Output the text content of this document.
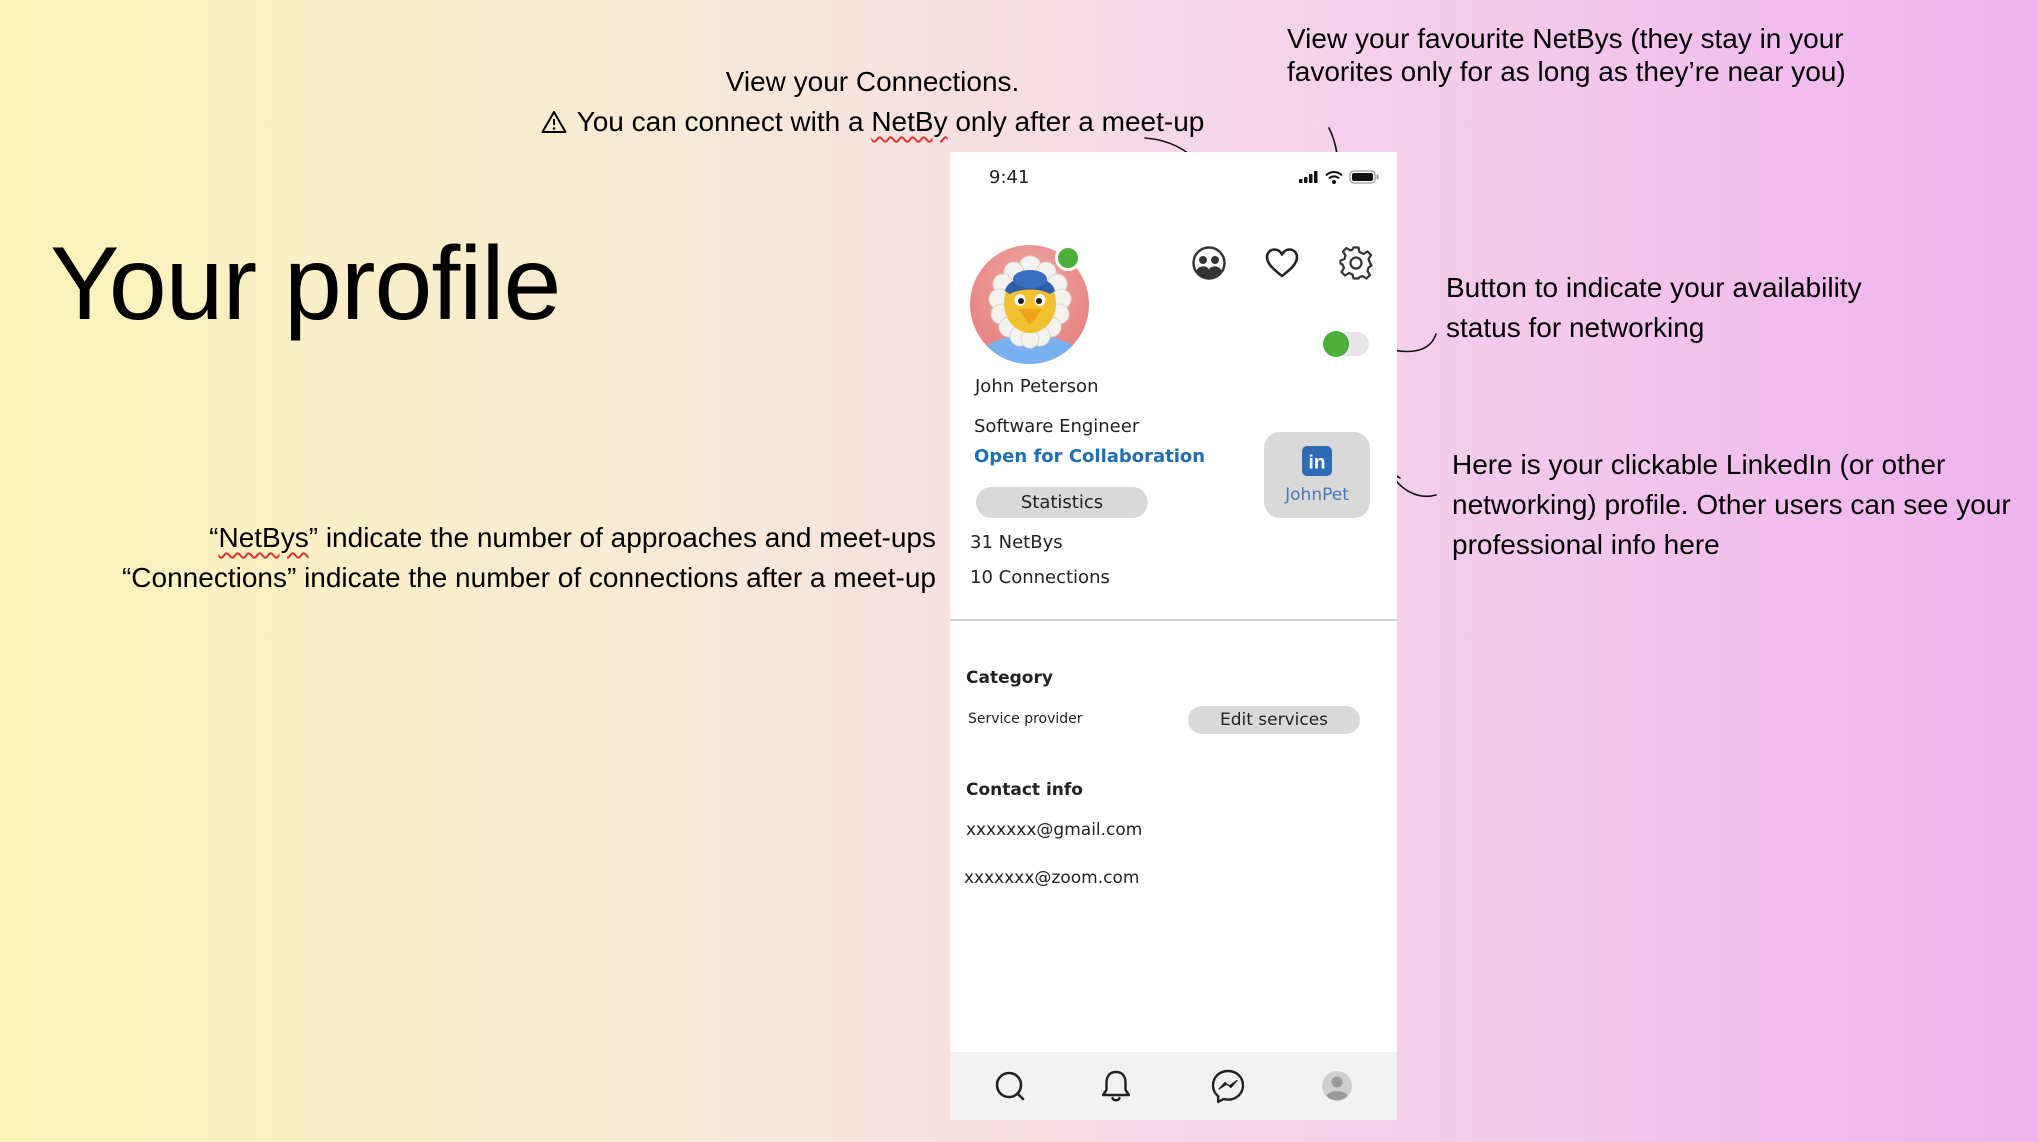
Your profile
View your Connections.
You can connect with a NetBy only after a meet-up
View your favourite NetBys (they stay in your favorites only for as long as they’re near you)
Button to indicate your availability status for networking
Here is your clickable LinkedIn (or other networking) profile. Other users can see your professional info here
“NetBys” indicate the number of approaches and meet-ups
“Connections” indicate the number of connections after a meet-up
9:41
John Peterson
Software Engineer
Open for Collaboration
Statistics
31 NetBys
10 Connections
in
JohnPet
Category
Service provider	Edit services
Contact info
xxxxxxx@gmail.com
xxxxxxx@zoom.com
